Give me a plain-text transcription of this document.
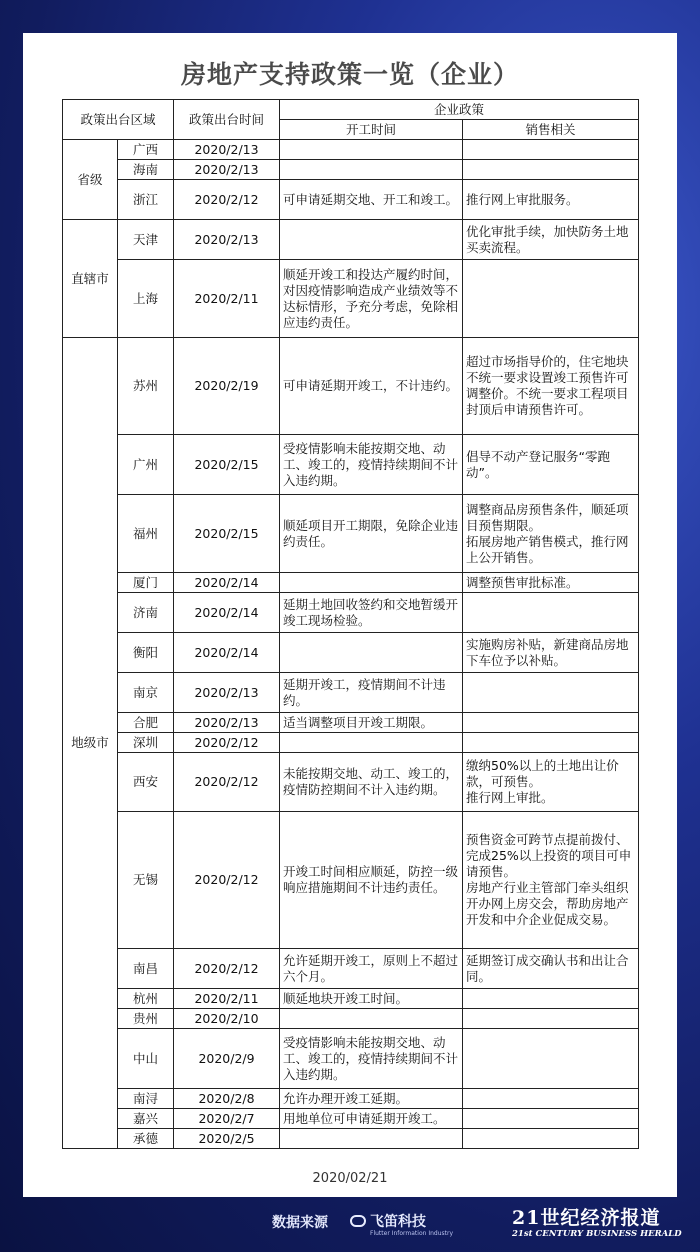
房地产支持政策一览（企业）
政策出台区域		政策出台时间	企业政策	
			开工时间	销售相关
省级	广西	2020/2/13		
	海南	2020/2/13		
	浙江	2020/2/12	可申请延期交地、开工和竣工。	推行网上审批服务。
直辖市	天津	2020/2/13		优化审批手续，加快防务土地买卖流程。
	上海	2020/2/11	顺延开竣工和投达产履约时间，对因疫情影响造成产业绩效等不达标情形，予充分考虑，免除相应违约责任。	
地级市	苏州	2020/2/19	可申请延期开竣工，不计违约。	超过市场指导价的，住宅地块不统一要求设置竣工预售许可调整价。不统一要求工程项目封顶后申请预售许可。
	广州	2020/2/15	受疫情影响未能按期交地、动工、竣工的，疫情持续期间不计入违约期。	倡导不动产登记服务“零跑动”。
	福州	2020/2/15	顺延项目开工期限，免除企业违约责任。	调整商品房预售条件，顺延项目预售期限。
拓展房地产销售模式，推行网上公开销售。
	厦门	2020/2/14		调整预售审批标准。
	济南	2020/2/14	延期土地回收签约和交地暂缓开竣工现场检验。	
	衡阳	2020/2/14		实施购房补贴，新建商品房地下车位予以补贴。
	南京	2020/2/13	延期开竣工，疫情期间不计违约。	
	合肥	2020/2/13	适当调整项目开竣工期限。	
	深圳	2020/2/12		
	西安	2020/2/12	未能按期交地、动工、竣工的，疫情防控期间不计入违约期。	缴纳50%以上的土地出让价款，可预售。
推行网上审批。
	无锡	2020/2/12	开竣工时间相应顺延，防控一级响应措施期间不计违约责任。	预售资金可跨节点提前拨付、完成25%以上投资的项目可申请预售。
房地产行业主管部门牵头组织开办网上房交会，帮助房地产开发和中介企业促成交易。
	南昌	2020/2/12	允许延期开竣工，原则上不超过六个月。	延期签订成交确认书和出让合同。
	杭州	2020/2/11	顺延地块开竣工时间。	
	贵州	2020/2/10		
	中山	2020/2/9	受疫情影响未能按期交地、动工、竣工的，疫情持续期间不计入违约期。	
	南浔	2020/2/8	允许办理开竣工延期。	
	嘉兴	2020/2/7	用地单位可申请延期开竣工。	
	承德	2020/2/5		
2020/02/21
数据来源	飞笛科技
Flutter Information Industry
21世纪经济报道
21st CENTURY BUSINESS HERALD
